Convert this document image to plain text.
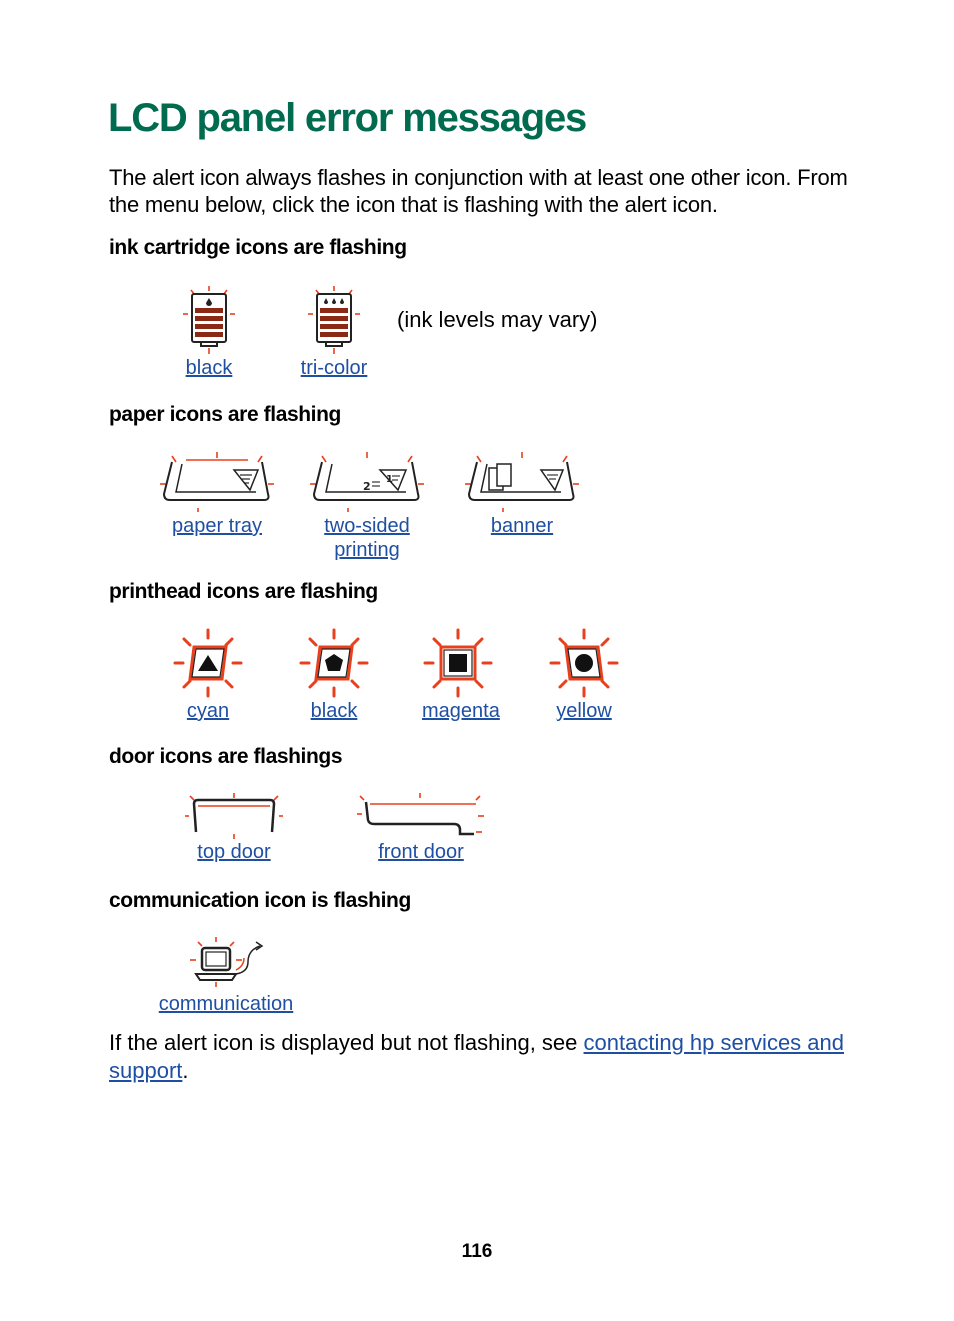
LCD panel error messages

The alert icon always flashes in conjunction with at least one other icon. From the menu below, click the icon that is flashing with the alert icon.

ink cartridge icons are flashing

black	tri-color

(ink levels may vary)

paper icons are flashing

paper tray
2
1
two-sided
printing
banner

printhead icons are flashing

cyan	black	magenta	yellow

door icons are flashings

top door	front door

communication icon is flashing

communication

If the alert icon is displayed but not flashing, see contacting hp services and support.

116
